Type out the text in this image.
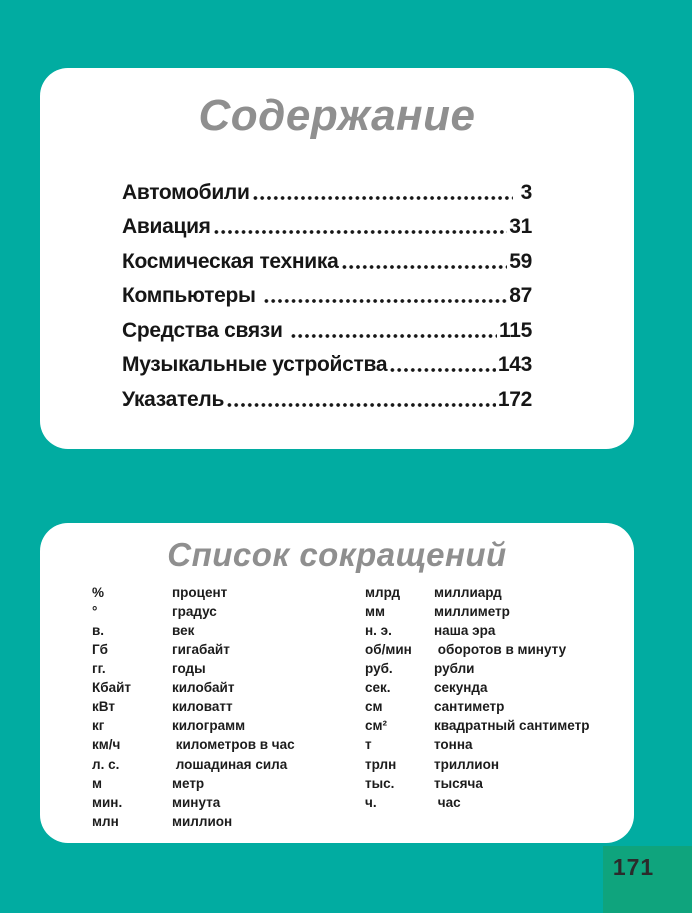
Содержание
Автомобили	3
Авиация	31
Космическая техника	59
Компьютеры	87
Средства связи	115
Музыкальные устройства	143
Указатель	172
Список сокращений
%	процент
°	градус
в.	век
Гб	гигабайт
гг.	годы
Кбайт	килобайт
кВт	киловатт
кг	килограмм
км/ч	километров в час
л. с.	лошадиная сила
м	метр
мин.	минута
млн	миллион
млрд	миллиард
мм	миллиметр
н. э.	наша эра
об/мин	оборотов в минуту
руб.	рубли
сек.	секунда
см	сантиметр
см²	квадратный сантиметр
т	тонна
трлн	триллион
тыс.	тысяча
ч.	час
171
